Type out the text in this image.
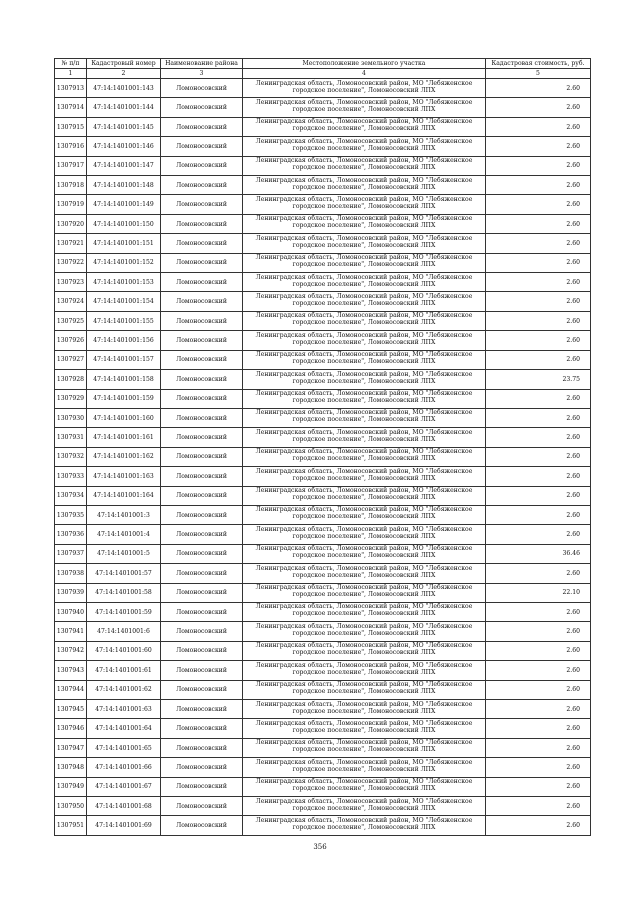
№ п/п	Кадастровый номер	Наименование района	Местоположение земельного участка	Кадастровая стоимость, руб.
1	2	3	4	5
1307913	47:14:1401001:143	Ломоносовский	Ленинградская область, Ломоносовский район, МО "Лебяженское
городское поселение", Ломоносовский ЛПХ	2.60
1307914	47:14:1401001:144	Ломоносовский	Ленинградская область, Ломоносовский район, МО "Лебяженское
городское поселение", Ломоносовский ЛПХ	2.60
1307915	47:14:1401001:145	Ломоносовский	Ленинградская область, Ломоносовский район, МО "Лебяженское
городское поселение", Ломоносовский ЛПХ	2.60
1307916	47:14:1401001:146	Ломоносовский	Ленинградская область, Ломоносовский район, МО "Лебяженское
городское поселение", Ломоносовский ЛПХ	2.60
1307917	47:14:1401001:147	Ломоносовский	Ленинградская область, Ломоносовский район, МО "Лебяженское
городское поселение", Ломоносовский ЛПХ	2.60
1307918	47:14:1401001:148	Ломоносовский	Ленинградская область, Ломоносовский район, МО "Лебяженское
городское поселение", Ломоносовский ЛПХ	2.60
1307919	47:14:1401001:149	Ломоносовский	Ленинградская область, Ломоносовский район, МО "Лебяженское
городское поселение", Ломоносовский ЛПХ	2.60
1307920	47:14:1401001:150	Ломоносовский	Ленинградская область, Ломоносовский район, МО "Лебяженское
городское поселение", Ломоносовский ЛПХ	2.60
1307921	47:14:1401001:151	Ломоносовский	Ленинградская область, Ломоносовский район, МО "Лебяженское
городское поселение", Ломоносовский ЛПХ	2.60
1307922	47:14:1401001:152	Ломоносовский	Ленинградская область, Ломоносовский район, МО "Лебяженское
городское поселение", Ломоносовский ЛПХ	2.60
1307923	47:14:1401001:153	Ломоносовский	Ленинградская область, Ломоносовский район, МО "Лебяженское
городское поселение", Ломоносовский ЛПХ	2.60
1307924	47:14:1401001:154	Ломоносовский	Ленинградская область, Ломоносовский район, МО "Лебяженское
городское поселение", Ломоносовский ЛПХ	2.60
1307925	47:14:1401001:155	Ломоносовский	Ленинградская область, Ломоносовский район, МО "Лебяженское
городское поселение", Ломоносовский ЛПХ	2.60
1307926	47:14:1401001:156	Ломоносовский	Ленинградская область, Ломоносовский район, МО "Лебяженское
городское поселение", Ломоносовский ЛПХ	2.60
1307927	47:14:1401001:157	Ломоносовский	Ленинградская область, Ломоносовский район, МО "Лебяженское
городское поселение", Ломоносовский ЛПХ	2.60
1307928	47:14:1401001:158	Ломоносовский	Ленинградская область, Ломоносовский район, МО "Лебяженское
городское поселение", Ломоносовский ЛПХ	23.75
1307929	47:14:1401001:159	Ломоносовский	Ленинградская область, Ломоносовский район, МО "Лебяженское
городское поселение", Ломоносовский ЛПХ	2.60
1307930	47:14:1401001:160	Ломоносовский	Ленинградская область, Ломоносовский район, МО "Лебяженское
городское поселение", Ломоносовский ЛПХ	2.60
1307931	47:14:1401001:161	Ломоносовский	Ленинградская область, Ломоносовский район, МО "Лебяженское
городское поселение", Ломоносовский ЛПХ	2.60
1307932	47:14:1401001:162	Ломоносовский	Ленинградская область, Ломоносовский район, МО "Лебяженское
городское поселение", Ломоносовский ЛПХ	2.60
1307933	47:14:1401001:163	Ломоносовский	Ленинградская область, Ломоносовский район, МО "Лебяженское
городское поселение", Ломоносовский ЛПХ	2.60
1307934	47:14:1401001:164	Ломоносовский	Ленинградская область, Ломоносовский район, МО "Лебяженское
городское поселение", Ломоносовский ЛПХ	2.60
1307935	47:14:1401001:3	Ломоносовский	Ленинградская область, Ломоносовский район, МО "Лебяженское
городское поселение", Ломоносовский ЛПХ	2.60
1307936	47:14:1401001:4	Ломоносовский	Ленинградская область, Ломоносовский район, МО "Лебяженское
городское поселение", Ломоносовский ЛПХ	2.60
1307937	47:14:1401001:5	Ломоносовский	Ленинградская область, Ломоносовский район, МО "Лебяженское
городское поселение", Ломоносовский ЛПХ	36.46
1307938	47:14:1401001:57	Ломоносовский	Ленинградская область, Ломоносовский район, МО "Лебяженское
городское поселение", Ломоносовский ЛПХ	2.60
1307939	47:14:1401001:58	Ломоносовский	Ленинградская область, Ломоносовский район, МО "Лебяженское
городское поселение", Ломоносовский ЛПХ	22.10
1307940	47:14:1401001:59	Ломоносовский	Ленинградская область, Ломоносовский район, МО "Лебяженское
городское поселение", Ломоносовский ЛПХ	2.60
1307941	47:14:1401001:6	Ломоносовский	Ленинградская область, Ломоносовский район, МО "Лебяженское
городское поселение", Ломоносовский ЛПХ	2.60
1307942	47:14:1401001:60	Ломоносовский	Ленинградская область, Ломоносовский район, МО "Лебяженское
городское поселение", Ломоносовский ЛПХ	2.60
1307943	47:14:1401001:61	Ломоносовский	Ленинградская область, Ломоносовский район, МО "Лебяженское
городское поселение", Ломоносовский ЛПХ	2.60
1307944	47:14:1401001:62	Ломоносовский	Ленинградская область, Ломоносовский район, МО "Лебяженское
городское поселение", Ломоносовский ЛПХ	2.60
1307945	47:14:1401001:63	Ломоносовский	Ленинградская область, Ломоносовский район, МО "Лебяженское
городское поселение", Ломоносовский ЛПХ	2.60
1307946	47:14:1401001:64	Ломоносовский	Ленинградская область, Ломоносовский район, МО "Лебяженское
городское поселение", Ломоносовский ЛПХ	2.60
1307947	47:14:1401001:65	Ломоносовский	Ленинградская область, Ломоносовский район, МО "Лебяженское
городское поселение", Ломоносовский ЛПХ	2.60
1307948	47:14:1401001:66	Ломоносовский	Ленинградская область, Ломоносовский район, МО "Лебяженское
городское поселение", Ломоносовский ЛПХ	2.60
1307949	47:14:1401001:67	Ломоносовский	Ленинградская область, Ломоносовский район, МО "Лебяженское
городское поселение", Ломоносовский ЛПХ	2.60
1307950	47:14:1401001:68	Ломоносовский	Ленинградская область, Ломоносовский район, МО "Лебяженское
городское поселение", Ломоносовский ЛПХ	2.60
1307951	47:14:1401001:69	Ломоносовский	Ленинградская область, Ломоносовский район, МО "Лебяженское
городское поселение", Ломоносовский ЛПХ	2.60
356
